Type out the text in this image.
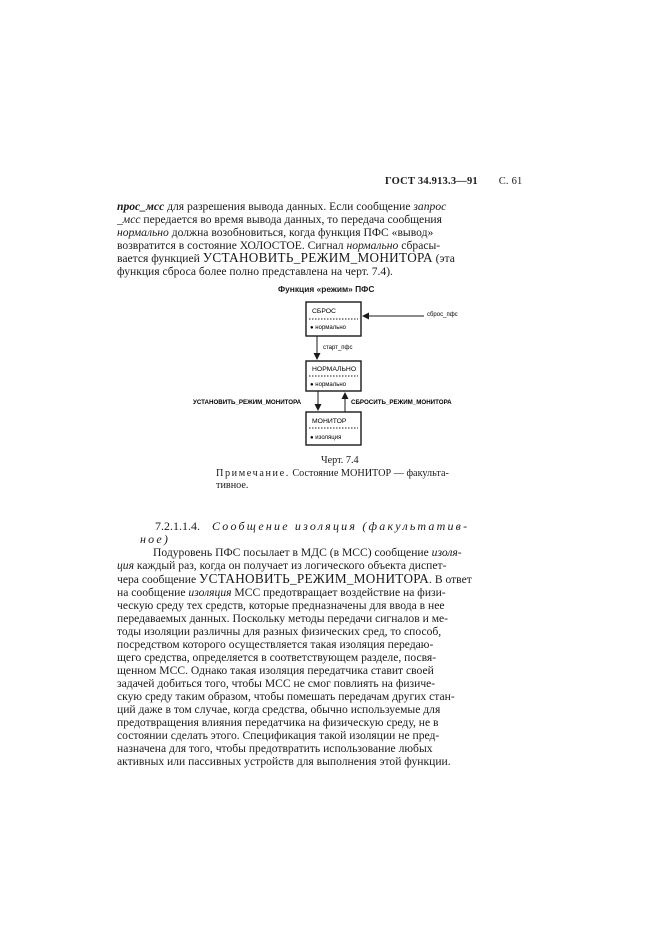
ГОСТ 34.913.3—91 С. 61
прос_мсс для разрешения вывода данных. Если сообщение запрос
_мсс передается во время вывода данных, то передача сообщения
нормально должна возобновиться, когда функция ПФС «вывод»
возвратится в состояние ХОЛОСТОЕ. Сигнал нормально сбрасы-
вается функцией УСТАНОВИТЬ_РЕЖИМ_МОНИТОРА (эта
функция сброса более полно представлена на черт. 7.4).
Функция «режим» ПФС
СБРОС
● нормально
НОРМАЛЬНО
● нормально
МОНИТОР
● изоляция
сброс_пфс
старт_пфс
УСТАНОВИТЬ_РЕЖИМ_МОНИТОРА	СБРОСИТЬ_РЕЖИМ_МОНИТОРА
Черт. 7.4
Примечание. Состояние МОНИТОР — факульта-
тивное.
7.2.1.1.4. Сообщение изоляция (факультатив-
ное)
Подуровень ПФС посылает в МДС (в МСС) сообщение изоля-
ция каждый раз, когда он получает из логического объекта диспет-
чера сообщение УСТАНОВИТЬ_РЕЖИМ_МОНИТОРА. В ответ
на сообщение изоляция МСС предотвращает воздействие на физи-
ческую среду тех средств, которые предназначены для ввода в нее
передаваемых данных. Поскольку методы передачи сигналов и ме-
тоды изоляции различны для разных физических сред, то способ,
посредством которого осуществляется такая изоляция передаю-
щего средства, определяется в соответствующем разделе, посвя-
щенном МСС. Однако такая изоляция передатчика ставит своей
задачей добиться того, чтобы МСС не смог повлиять на физиче-
скую среду таким образом, чтобы помешать передачам других стан-
ций даже в том случае, когда средства, обычно используемые для
предотвращения влияния передатчика на физическую среду, не в
состоянии сделать этого. Спецификация такой изоляции не пред-
назначена для того, чтобы предотвратить использование любых
активных или пассивных устройств для выполнения этой функции.
